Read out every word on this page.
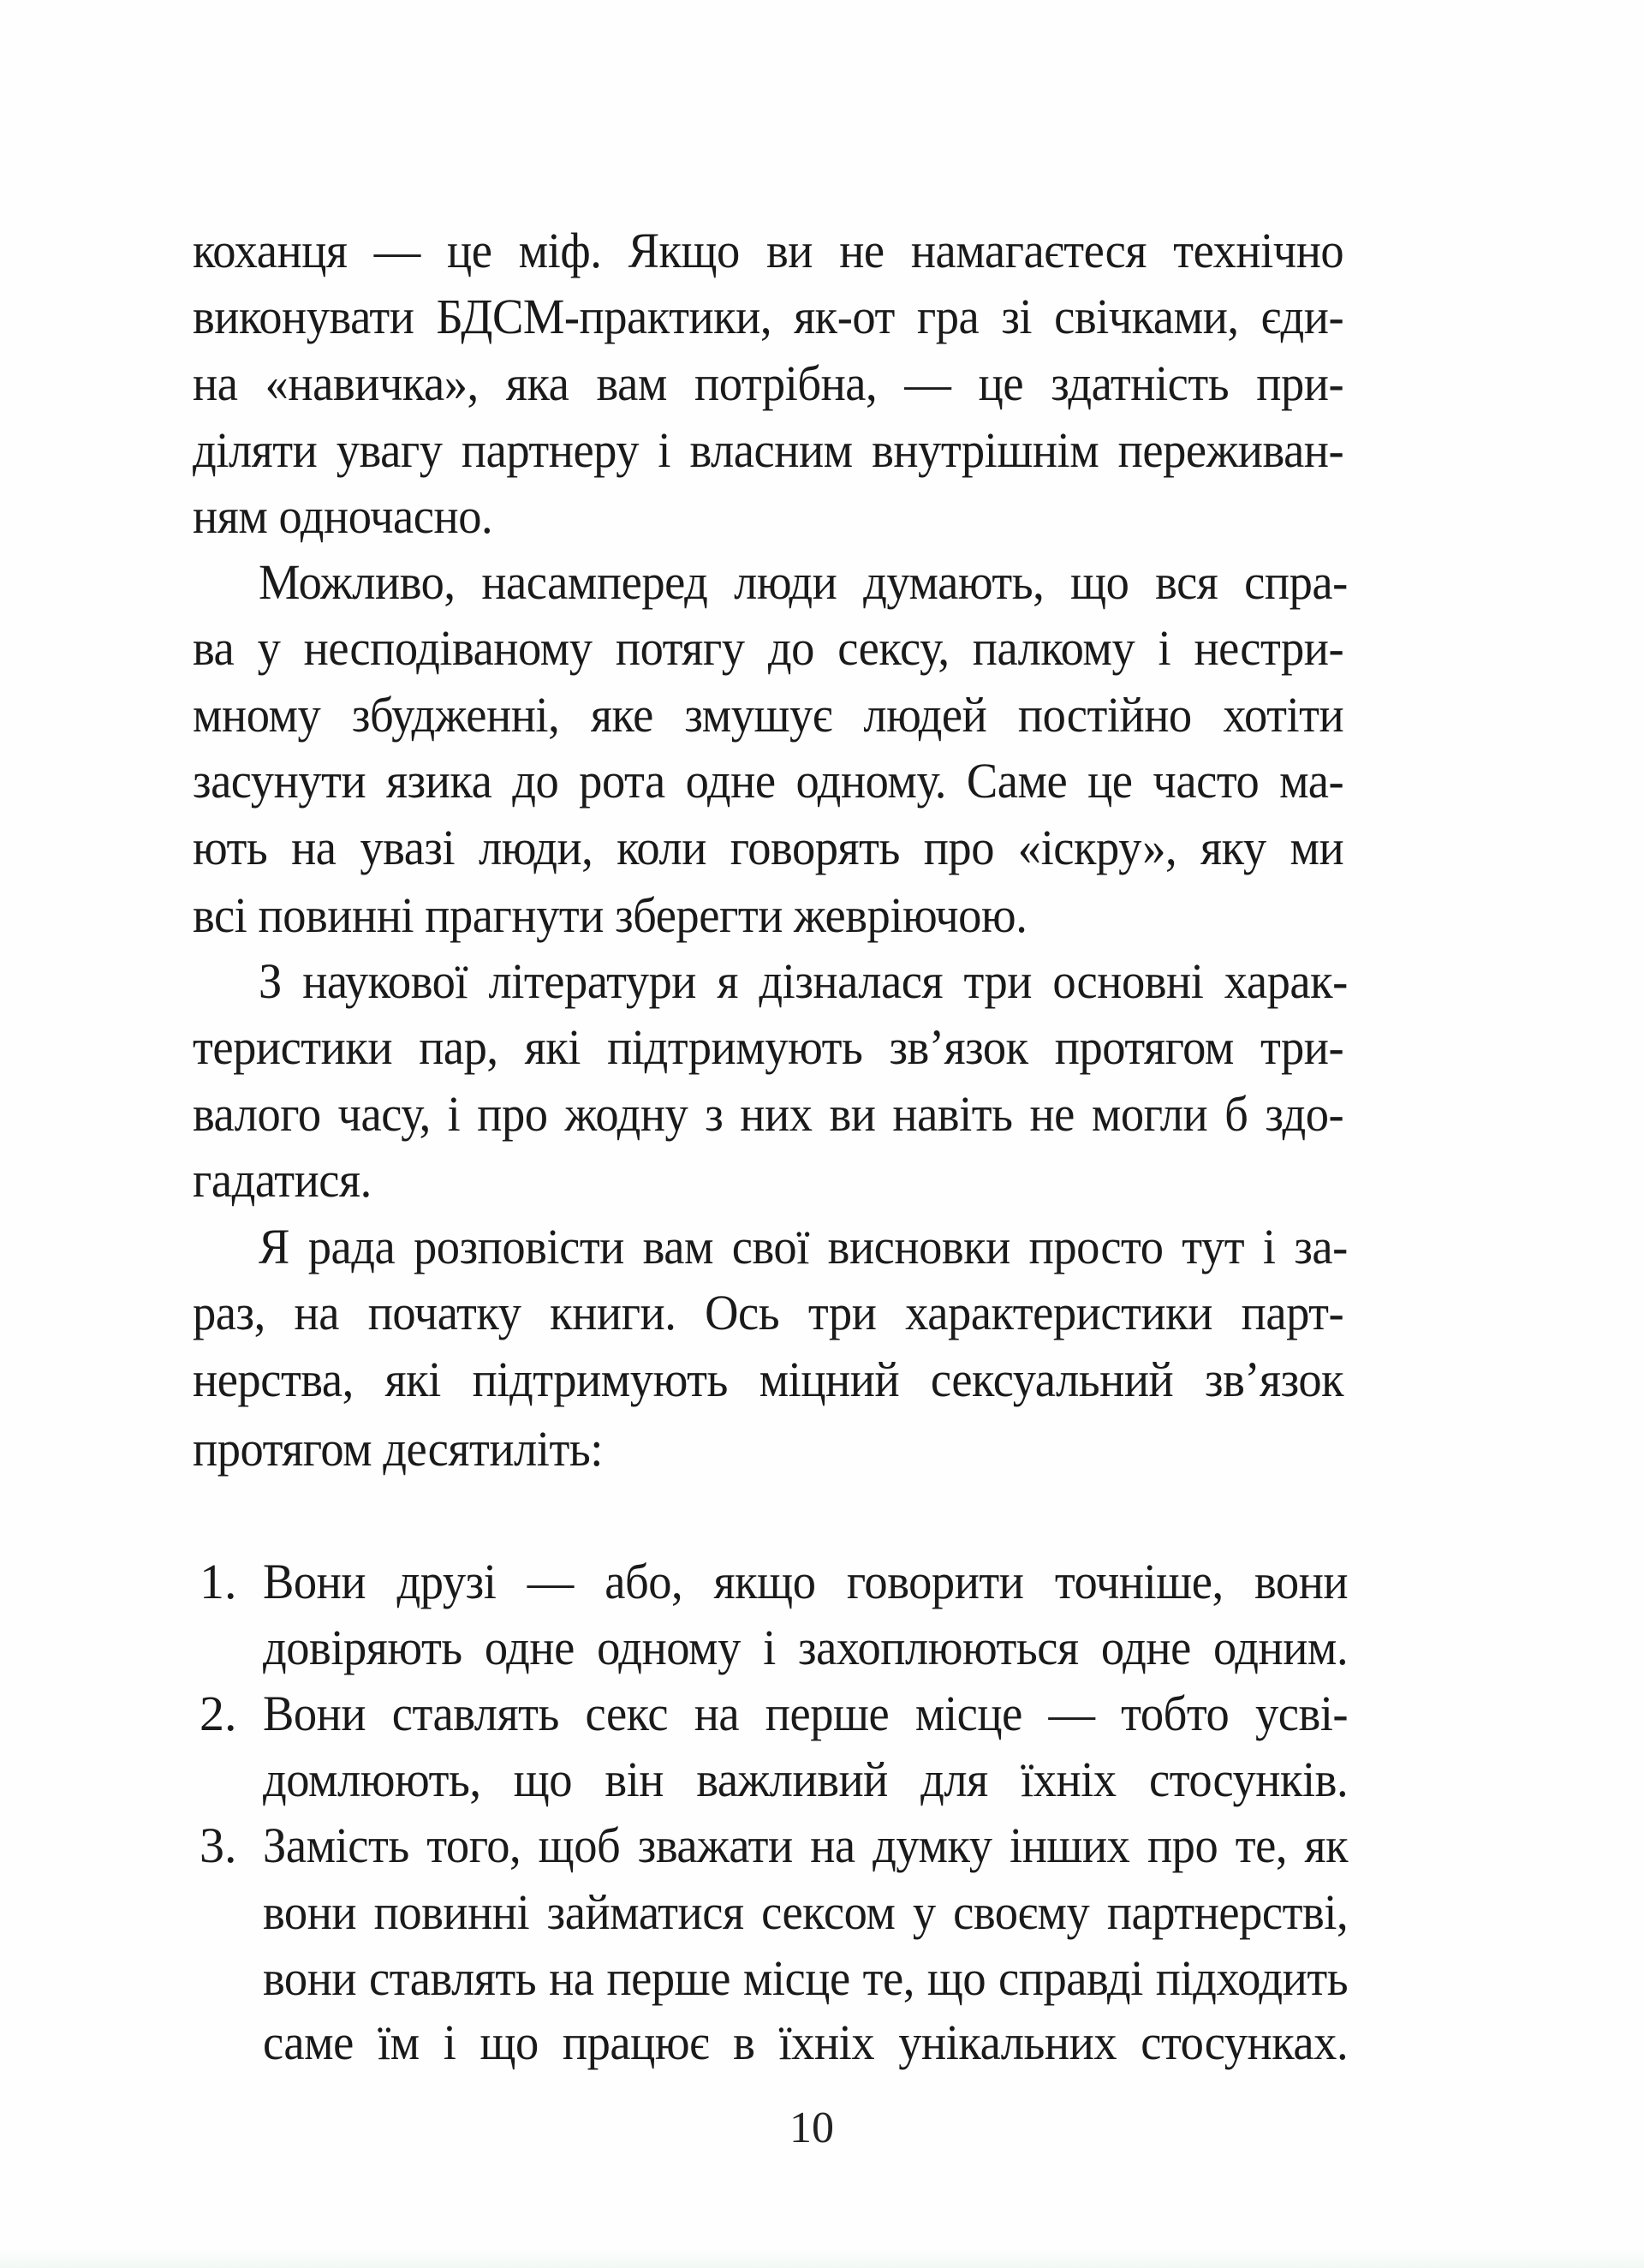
коханця — це міф. Якщо ви не намагаєтеся технічно
виконувати БДСМ-практики, як-от гра зі свічками, єди-
на «навичка», яка вам потрібна, — це здатність при-
діляти увагу партнеру і власним внутрішнім переживан-
ням одночасно.
Можливо, насамперед люди думають, що вся спра-
ва у несподіваному потягу до сексу, палкому і нестри-
мному збудженні, яке змушує людей постійно хотіти
засунути язика до рота одне одному. Саме це часто ма-
ють на увазі люди, коли говорять про «іскру», яку ми
всі повинні прагнути зберегти жевріючою.
З наукової літератури я дізналася три основні харак-
теристики пар, які підтримують зв’язок протягом три-
валого часу, і про жодну з них ви навіть не могли б здо-
гадатися.
Я рада розповісти вам свої висновки просто тут і за-
раз, на початку книги. Ось три характеристики парт-
нерства, які підтримують міцний сексуальний зв’язок
протягом десятиліть:
1. Вони друзі — або, якщо говорити точніше, вони
довіряють одне одному і захоплюються одне одним.
2. Вони ставлять секс на перше місце — тобто усві-
домлюють, що він важливий для їхніх стосунків.
3. Замість того, щоб зважати на думку інших про те, як
вони повинні займатися сексом у своєму партнерстві,
вони ставлять на перше місце те, що справді підходить
саме їм і що працює в їхніх унікальних стосунках.
10
